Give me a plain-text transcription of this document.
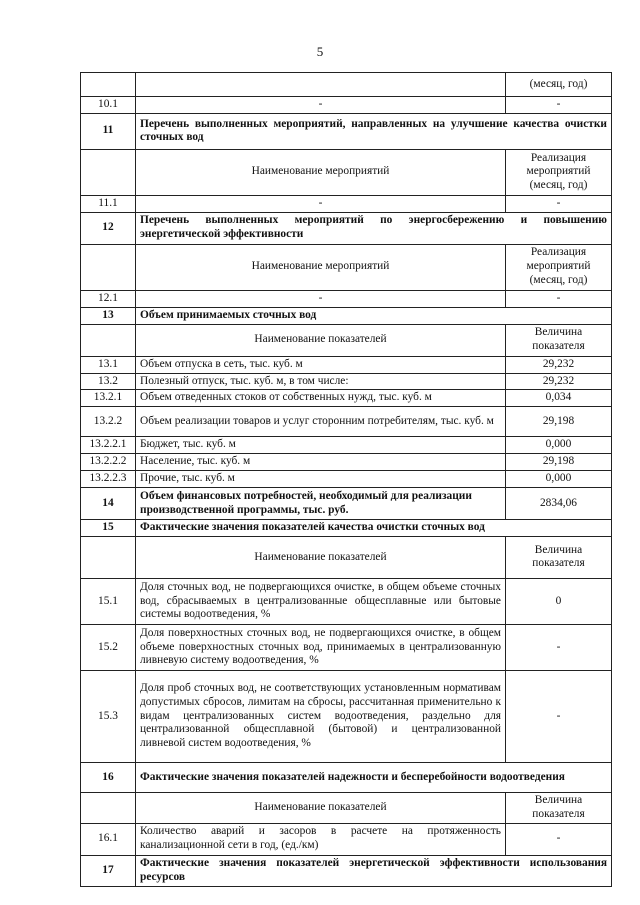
5
		(месяц, год)
10.1	-	-
11	Перечень выполненных мероприятий, направленных на улучшение качества очистки сточных вод	
	Наименование мероприятий	Реализация мероприятий (месяц, год)
11.1	-	-
12	Перечень выполненных мероприятий по энергосбережению и повышению энергетической эффективности	
	Наименование мероприятий	Реализация мероприятий (месяц, год)
12.1	-	-
13	Объем принимаемых сточных вод	
	Наименование показателей	Величина показателя
13.1	Объем отпуска в сеть, тыс. куб. м	29,232
13.2	Полезный отпуск, тыс. куб. м, в том числе:	29,232
13.2.1	Объем отведенных стоков от собственных нужд, тыс. куб. м	0,034
13.2.2	Объем реализации товаров и услуг сторонним потребителям, тыс. куб. м	29,198
13.2.2.1	Бюджет, тыс. куб. м	0,000
13.2.2.2	Население, тыс. куб. м	29,198
13.2.2.3	Прочие, тыс. куб. м	0,000
14	Объем финансовых потребностей, необходимый для реализации производственной программы, тыс. руб.	2834,06
15	Фактические значения показателей качества очистки сточных вод	
	Наименование показателей	Величина показателя
15.1	Доля сточных вод, не подвергающихся очистке, в общем объеме сточных вод, сбрасываемых в централизованные общесплавные или бытовые системы водоотведения, %	0
15.2	Доля поверхностных сточных вод, не подвергающихся очистке, в общем объеме поверхностных сточных вод, принимаемых в централизованную ливневую систему водоотведения, %	-
15.3	Доля проб сточных вод, не соответствующих установленным нормативам допустимых сбросов, лимитам на сбросы, рассчитанная применительно к видам централизованных систем водоотведения, раздельно для централизованной общесплавной (бытовой) и централизованной ливневой систем водоотведения, %	-
16	Фактические значения показателей надежности и бесперебойности водоотведения	
	Наименование показателей	Величина показателя
16.1	Количество аварий и засоров в расчете на протяженность канализационной сети в год, (ед./км)	-
17	Фактические значения показателей энергетической эффективности использования ресурсов	
